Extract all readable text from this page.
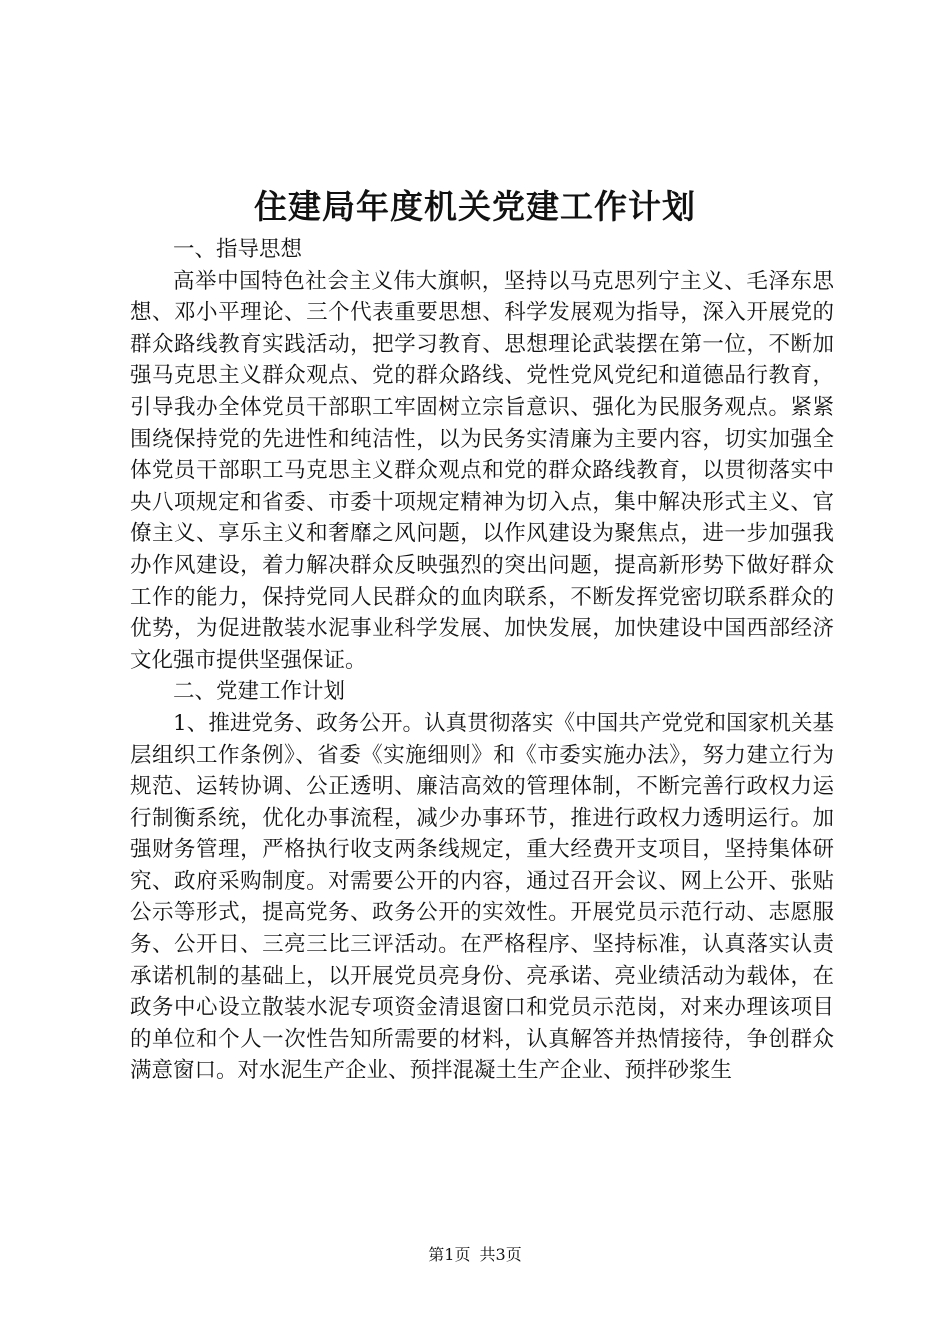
住建局年度机关党建工作计划

一、指导思想

高举中国特色社会主义伟大旗帜，坚持以马克思列宁主义、毛泽东思想、邓小平理论、三个代表重要思想、科学发展观为指导，深入开展党的群众路线教育实践活动，把学习教育、思想理论武装摆在第一位，不断加强马克思主义群众观点、党的群众路线、党性党风党纪和道德品行教育，引导我办全体党员干部职工牢固树立宗旨意识、强化为民服务观点。紧紧围绕保持党的先进性和纯洁性，以为民务实清廉为主要内容，切实加强全体党员干部职工马克思主义群众观点和党的群众路线教育，以贯彻落实中央八项规定和省委、市委十项规定精神为切入点，集中解决形式主义、官僚主义、享乐主义和奢靡之风问题，以作风建设为聚焦点，进一步加强我办作风建设，着力解决群众反映强烈的突出问题，提高新形势下做好群众工作的能力，保持党同人民群众的血肉联系，不断发挥党密切联系群众的优势，为促进散装水泥事业科学发展、加快发展，加快建设中国西部经济文化强市提供坚强保证。

二、党建工作计划

1、推进党务、政务公开。认真贯彻落实《中国共产党党和国家机关基层组织工作条例》、省委《实施细则》和《市委实施办法》，努力建立行为规范、运转协调、公正透明、廉洁高效的管理体制，不断完善行政权力运行制衡系统，优化办事流程，减少办事环节，推进行政权力透明运行。加强财务管理，严格执行收支两条线规定，重大经费开支项目，坚持集体研究、政府采购制度。对需要公开的内容，通过召开会议、网上公开、张贴公示等形式，提高党务、政务公开的实效性。开展党员示范行动、志愿服务、公开日、三亮三比三评活动。在严格程序、坚持标准，认真落实认责承诺机制的基础上，以开展党员亮身份、亮承诺、亮业绩活动为载体，在政务中心设立散装水泥专项资金清退窗口和党员示范岗，对来办理该项目的单位和个人一次性告知所需要的材料，认真解答并热情接待，争创群众满意窗口。对水泥生产企业、预拌混凝土生产企业、预拌砂浆生

第1页 共3页
